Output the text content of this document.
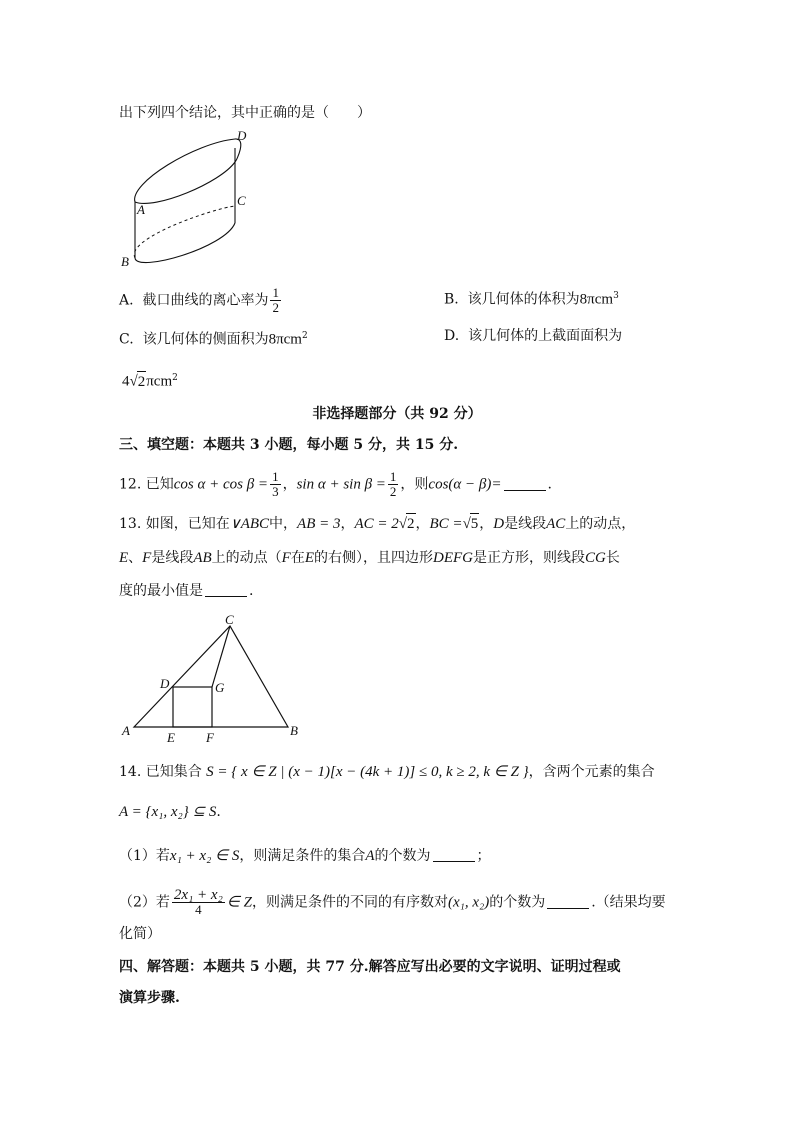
出下列四个结论，其中正确的是（　　）
D
A
C
B
A. 截口曲线的离心率为 $\frac{1}{2}$	B. 该几何体的体积为8πcm$^3$
C. 该几何体的侧面积为8πcm$^2$	D. 该几何体的上截面面积为
4√2πcm$^2$
非选择题部分（共 92 分）
三、填空题：本题共 3 小题，每小题 5 分，共 15 分.
12. 已知$\cos \alpha + \cos \beta = \frac{1}{3}$ ，$\sin \alpha + \sin \beta = \frac{1}{2}$ ，则cos(α − β)=	.
13. 如图，已知在∨ABC中，AB = 3，AC = 2√2，BC =√5，D是线段AC上的动点，
E、F是线段AB上的动点（F在E的右侧），且四边形DEFG是正方形，则线段CG长
度的最小值是	.
C
D	G
A	E F	B
14. 已知集合 S = { x ∈ Z | (x − 1)[x − (4k + 1)] ≤ 0, k ≥ 2, k ∈ Z }，含两个元素的集合
A = {x₁, x₂} ⊆ S.
（1）若x₁ + x₂ ∈ S，则满足条件的集合A的个数为	；
（2）若 $\frac{\text{2x₁ + x₂}}{4}$ ∈ Z，则满足条件的不同的有序数对(x₁, x₂)的个数为	.（结果均要
化简）
四、解答题：本题共 5 小题，共 77 分.解答应写出必要的文字说明、证明过程或
演算步骤.
